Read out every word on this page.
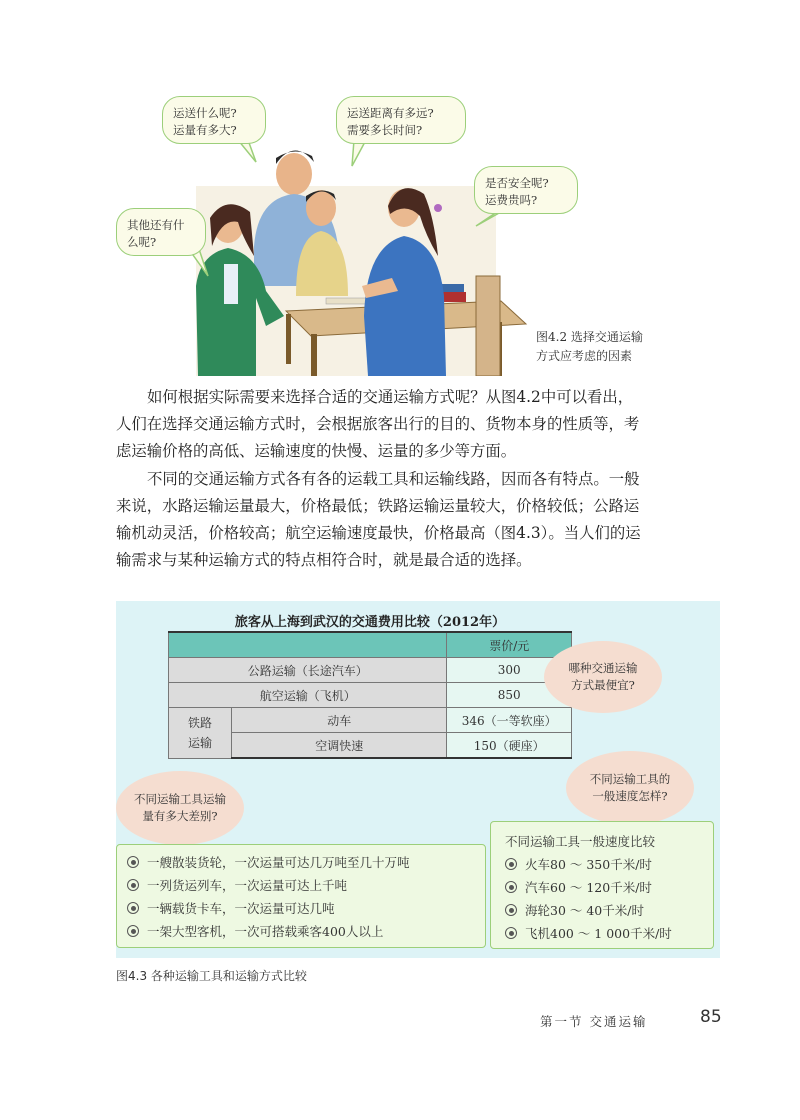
运送什么呢?
运量有多大?
运送距离有多远?
需要多长时间?
是否安全呢?
运费贵吗?
其他还有什
么呢?
图4.2 选择交通运输
方式应考虑的因素
如何根据实际需要来选择合适的交通运输方式呢？从图4.2中可以看出，
人们在选择交通运输方式时，会根据旅客出行的目的、货物本身的性质等，考
虑运输价格的高低、运输速度的快慢、运量的多少等方面。
不同的交通运输方式各有各的运载工具和运输线路，因而各有特点。一般
来说，水路运输运量最大，价格最低；铁路运输运量较大，价格较低；公路运
输机动灵活，价格较高；航空运输速度最快，价格最高（图4.3）。当人们的运
输需求与某种运输方式的特点相符合时，就是最合适的选择。
旅客从上海到武汉的交通费用比较（2012年）
		票价/元
公路运输（长途汽车）		300
航空运输（飞机）		850

铁路
运输	动车	346（一等软座）
	空调快速	150（硬座）
哪种交通运输
方式最便宜?
不同运输工具的
一般速度怎样?
不同运输工具运输
量有多大差别?
一艘散装货轮，一次运量可达几万吨至几十万吨
一列货运列车，一次运量可达上千吨
一辆载货卡车，一次运量可达几吨
一架大型客机，一次可搭载乘客400人以上
不同运输工具一般速度比较
火车80 ～ 350千米/时
汽车60 ～ 120千米/时
海轮30 ～ 40千米/时
飞机400 ～ 1 000千米/时
图4.3 各种运输工具和运输方式比较
第一节 交通运输	85
